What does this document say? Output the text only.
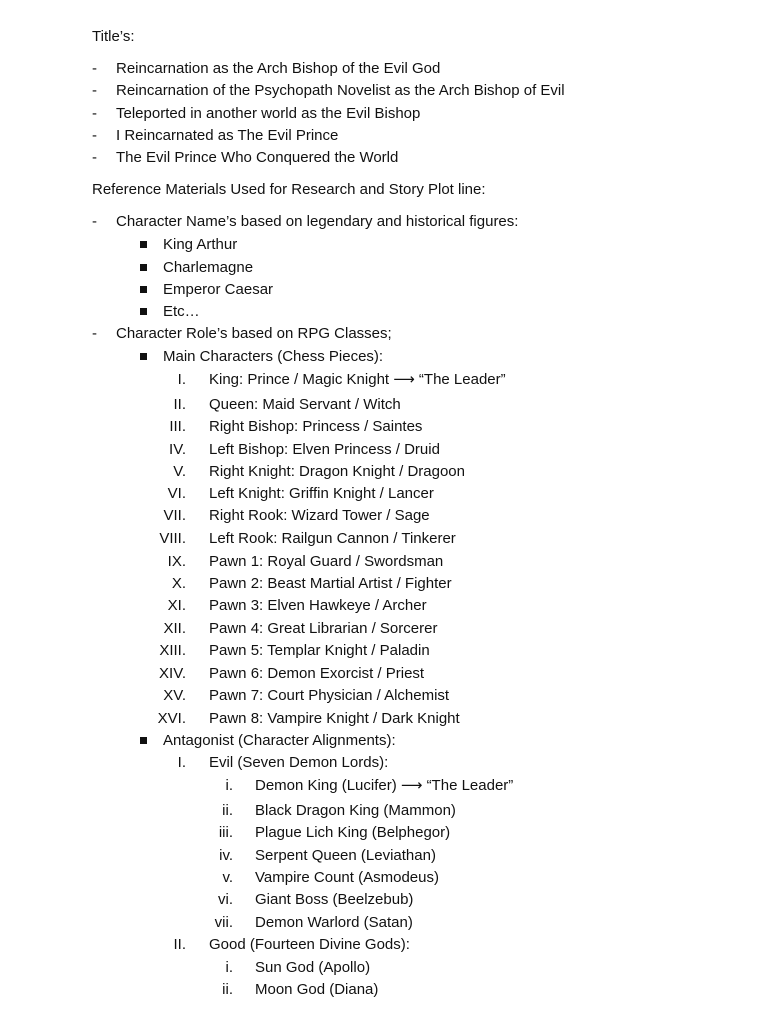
Title’s:
-	Reincarnation as the Arch Bishop of the Evil God
-	Reincarnation of the Psychopath Novelist as the Arch Bishop of Evil
-	Teleported in another world as the Evil Bishop
-	I Reincarnated as The Evil Prince
-	The Evil Prince Who Conquered the World
Reference Materials Used for Research and Story Plot line:
-	Character Name’s based on legendary and historical figures:
King Arthur
Charlemagne
Emperor Caesar
Etc…
-	Character Role’s based on RPG Classes;
Main Characters (Chess Pieces):
I. King: Prince / Magic Knight ⟶ “The Leader”
II. Queen: Maid Servant / Witch
III. Right Bishop: Princess / Saintes
IV. Left Bishop: Elven Princess / Druid
V. Right Knight: Dragon Knight / Dragoon
VI. Left Knight: Griffin Knight / Lancer
VII. Right Rook: Wizard Tower / Sage
VIII. Left Rook: Railgun Cannon / Tinkerer
IX. Pawn 1: Royal Guard / Swordsman
X. Pawn 2: Beast Martial Artist / Fighter
XI. Pawn 3: Elven Hawkeye / Archer
XII. Pawn 4: Great Librarian / Sorcerer
XIII. Pawn 5: Templar Knight / Paladin
XIV. Pawn 6: Demon Exorcist / Priest
XV. Pawn 7: Court Physician / Alchemist
XVI. Pawn 8: Vampire Knight / Dark Knight
Antagonist (Character Alignments):
I. Evil (Seven Demon Lords):
i. Demon King (Lucifer) ⟶ “The Leader”
ii. Black Dragon King (Mammon)
iii. Plague Lich King (Belphegor)
iv. Serpent Queen (Leviathan)
v. Vampire Count (Asmodeus)
vi. Giant Boss (Beelzebub)
vii. Demon Warlord (Satan)
II. Good (Fourteen Divine Gods):
i. Sun God (Apollo)
ii. Moon God (Diana)
